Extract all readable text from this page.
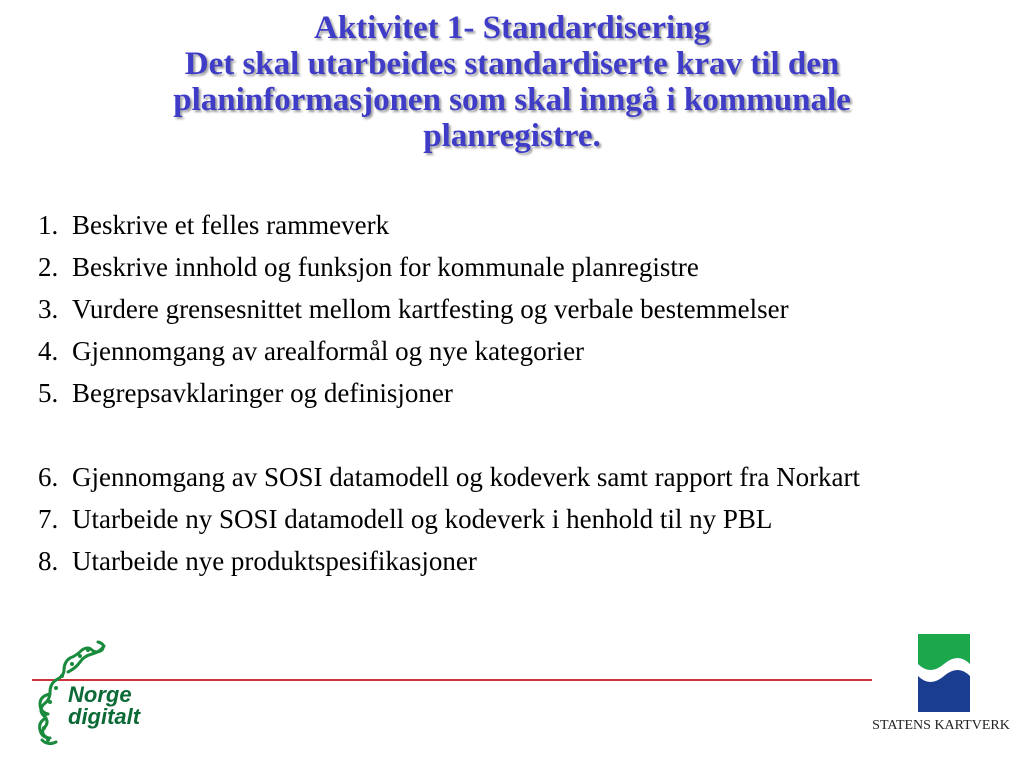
Aktivitet 1- Standardisering
Det skal utarbeides standardiserte krav til den
planinformasjonen som skal inngå i kommunale
planregistre.
1. Beskrive et felles rammeverk
2. Beskrive innhold og funksjon for kommunale planregistre
3. Vurdere grensesnittet mellom kartfesting og verbale bestemmelser
4. Gjennomgang av arealformål og nye kategorier
5. Begrepsavklaringer og definisjoner
6. Gjennomgang av SOSI datamodell og kodeverk samt rapport fra Norkart
7. Utarbeide ny SOSI datamodell og kodeverk i henhold til ny PBL
8. Utarbeide nye produktspesifikasjoner
Norge
digitalt	STATENS KARTVERK
